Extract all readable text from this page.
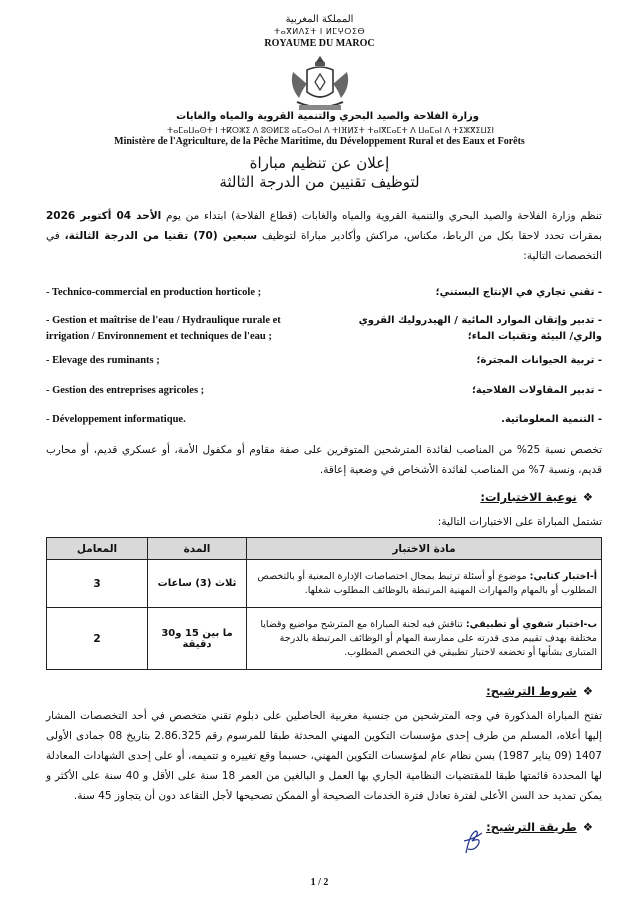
المملكة المغربية
ⵜⴰⴳⵍⴷⵉⵜ ⵏ ⵍⵎⵖⵔⵉⴱ
ROYAUME DU MAROC
وزارة الفلاحة والصيد البحري والتنمية القروية والمياه والغابات
ⵜⴰⵎⴰⵡⴰⵙⵜ ⵏ ⵜⴽⵔⵣⵉ ⴷ ⵓⵙⵍⵎⵓ ⴰⵎⴰⵔⴰⵏ ⴷ ⵜⵏⴼⵍⵉⵜ ⵜⴰⵏⴳⵎⴰⵎⵜ ⴷ ⵡⴰⵎⴰⵏ ⴷ ⵜⵉⵣⴳⵉⵡⵉⵏ
Ministère de l'Agriculture, de la Pêche Maritime, du Développement Rural et des Eaux et Forêts
إعلان عن تنظيم مباراة
لتوظيف تقنيين من الدرجة الثالثة
تنظم وزارة الفلاحة والصيد البحري والتنمية القروية والمياه والغابات (قطاع الفلاحة) ابتداء من يوم الأحد 04 أكتوبر 2026 بمقرات تحدد لاحقا بكل من الرباط، مكناس، مراكش وأكادير مباراة لتوظيف سبعين (70) تقنيا من الدرجة الثالثة، في التخصصات التالية:
- Technico-commercial en production horticole ;	- تقني تجاري في الإنتاج البستني؛
- Gestion et maîtrise de l'eau / Hydraulique rurale et irrigation / Environnement et techniques de l'eau ;
- تدبير وإتقان الموارد المائية / الهيدروليك القروي والري/ البيئة وتقنيات الماء؛
- Elevage des ruminants ;	- تربية الحيوانات المجترة؛
- Gestion des entreprises agricoles ;	- تدبير المقاولات الفلاحية؛
- Développement informatique.	- التنمية المعلوماتية.
تخصص نسبة 25% من المناصب لفائدة المترشحين المتوفرين على صفة مقاوم أو مكفول الأمة، أو عسكري قديم، أو محارب قديم، ونسبة 7% من المناصب لفائدة الأشخاص في وضعية إعاقة.
❖نوعية الاختبارات:
تشتمل المباراة على الاختبارات التالية:
مادة الاختبار	المدة	المعامل
أ-اختبار كتابي: موضوع أو أسئلة ترتبط بمجال اختصاصات الإدارة المعنية أو بالتخصص المطلوب أو بالمهام والمهارات المهنية المرتبطة بالوظائف المطلوب شغلها.	ثلاث (3) ساعات	3
ب-اختبار شفوي أو تطبيقي: تناقش فيه لجنة المباراة مع المترشح مواضيع وقضايا مختلفة بهدف تقييم مدى قدرته على ممارسة المهام أو الوظائف المرتبطة بالدرجة المتبارى بشأنها أو تخضعه لاختبار تطبيقي في التخصص المطلوب.	ما بين 15 و30 دقيقة	2
❖شروط الترشيح:
تفتح المباراة المذكورة في وجه المترشحين من جنسية مغربية الحاصلين على دبلوم تقني متخصص في أحد التخصصات المشار إليها أعلاه، المسلم من طرف إحدى مؤسسات التكوين المهني المحدثة طبقا للمرسوم رقم 2.86.325 بتاريخ 08 جمادى الأولى 1407 (09 يناير 1987) بسن نظام عام لمؤسسات التكوين المهني، حسبما وقع تغييره و تتميمه، أو على إحدى الشهادات المعادلة لها المحددة قائمتها طبقا للمقتضيات النظامية الجاري بها العمل و البالغين من العمر 18 سنة على الأقل و 40 سنة على الأكثر و يمكن تمديد حد السن الأعلى لفترة تعادل فترة الخدمات الصحيحة أو الممكن تصحيحها لأجل التقاعد دون أن يتجاوز 45 سنة.
❖طريقة الترشيح:
1 / 2
